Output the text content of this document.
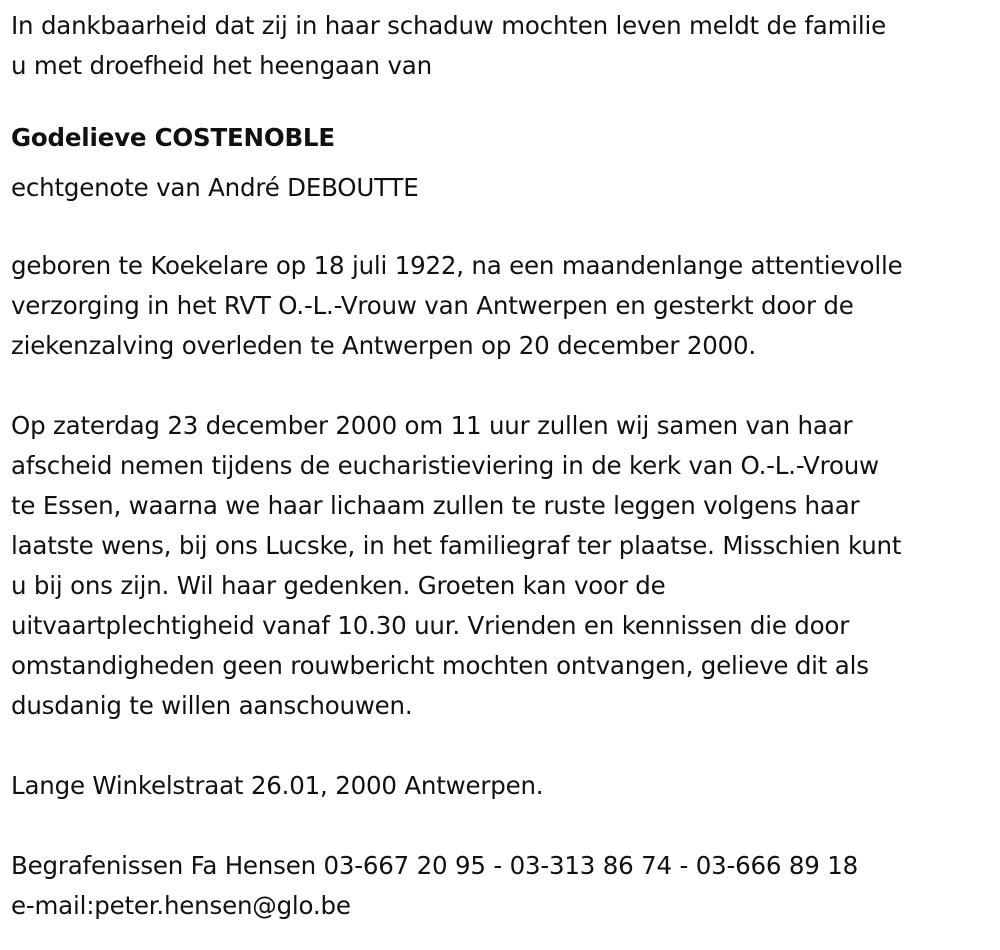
In dankbaarheid dat zij in haar schaduw mochten leven meldt de familie
u met droefheid het heengaan van
Godelieve COSTENOBLE
echtgenote van André DEBOUTTE
geboren te Koekelare op 18 juli 1922, na een maandenlange attentievolle
verzorging in het RVT O.-L.-Vrouw van Antwerpen en gesterkt door de
ziekenzalving overleden te Antwerpen op 20 december 2000.
Op zaterdag 23 december 2000 om 11 uur zullen wij samen van haar
afscheid nemen tijdens de eucharistieviering in de kerk van O.-L.-Vrouw
te Essen, waarna we haar lichaam zullen te ruste leggen volgens haar
laatste wens, bij ons Lucske, in het familiegraf ter plaatse. Misschien kunt
u bij ons zijn. Wil haar gedenken. Groeten kan voor de
uitvaartplechtigheid vanaf 10.30 uur. Vrienden en kennissen die door
omstandigheden geen rouwbericht mochten ontvangen, gelieve dit als
dusdanig te willen aanschouwen.
Lange Winkelstraat 26.01, 2000 Antwerpen.
Begrafenissen Fa Hensen 03-667 20 95 - 03-313 86 74 - 03-666 89 18
e-mail:peter.hensen@glo.be
